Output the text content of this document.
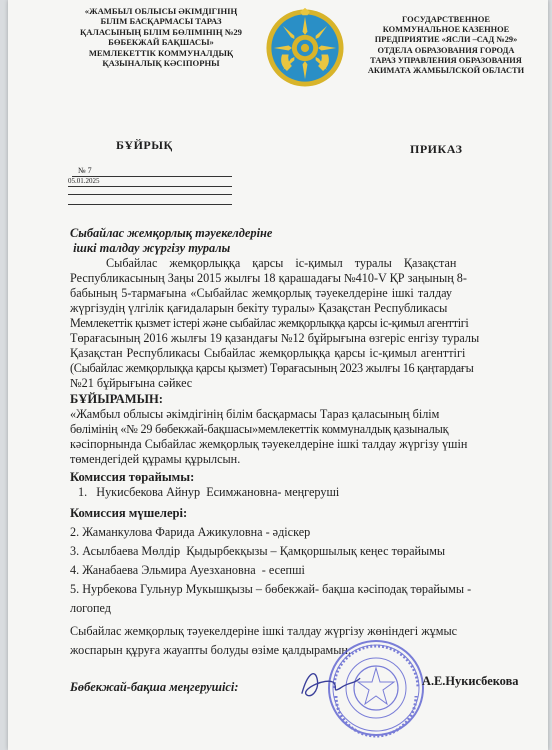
«ЖАМБЫЛ ОБЛЫСЫ ӘКІМДІГІНІҢ
БІЛІМ БАСҚАРМАСЫ ТАРАЗ
ҚАЛАСЫНЫҢ БІЛІМ БӨЛІМІНІҢ №29
БӨБЕКЖАЙ БАҚШАСЫ»
МЕМЛЕКЕТТІК КОММУНАЛДЫҚ
ҚАЗЫНАЛЫҚ КӘСІПОРНЫ
ГОСУДАРСТВЕННОЕ
КОММУНАЛЬНОЕ КАЗЕННОЕ
ПРЕДПРИЯТИЕ «ЯСЛИ –САД №29»
ОТДЕЛА ОБРАЗОВАНИЯ ГОРОДА
ТАРАЗ УПРАВЛЕНИЯ ОБРАЗОВАНИЯ
АКИМАТА ЖАМБЫЛСКОЙ ОБЛАСТИ
БҰЙРЫҚ	ПРИКАЗ
№ 7
05.01.2025
Сыбайлас жемқорлық тәуекелдеріне
ішкі талдау жүргізу туралы

Сыбайлас жемқорлыққа қарсы іс-қимыл туралы Қазақстан

Республикасының Заңы 2015 жылғы 18 қарашадағы №410-V ҚР заңының 8-

бабының 5-тармағына «Сыбайлас жемқорлық тәуекелдеріне ішкі талдау

жүргізудің үлгілік қағидаларын бекіту туралы» Қазақстан Республикасы

Мемлекеттік қызмет істері және сыбайлас жемқорлыққа қарсы іс-қимыл агенттігі

Төрағасының 2016 жылғы 19 қазандағы №12 бұйрығына өзгеріс енгізу туралы

Қазақстан Республикасы Сыбайлас жемқорлыққа қарсы іс-қимыл агенттігі

(Сыбайлас жемқорлыққа қарсы қызмет) Төрағасының 2023 жылғы 16 қаңтардағы

№21 бұйрығына сәйкес

БҰЙЫРАМЫН:

«Жамбыл облысы әкімдігінің білім басқармасы Тараз қаласының білім

бөлімінің «№ 29 бөбекжай-бақшасы»мемлекеттік коммуналдық қазыналық

кәсіпорнында Сыбайлас жемқорлық тәуекелдеріне ішкі талдау жүргізу үшін

төмендегідей құрамы құрылсын.

Комиссия төрайымы:

1.   Нукисбекова Айнур  Есимжановна- меңгеруші

Комиссия мүшелері:

2. Жаманкулова Фарида Ажикуловна - әдіскер

3. Асылбаева Мөлдір  Қыдырбекқызы – Қамқоршылық кеңес төрайымы

4. Жанабаева Эльмира Ауезхановна  - есепші

5. Нурбекова Гульнур Мукышқызы – бөбекжай- бақша кәсіподақ төрайымы -

логопед

Сыбайлас жемқорлық тәуекелдеріне ішкі талдау жүргізу жөніндегі жұмыс

жоспарын құруға жауапты болуды өзіме қалдырамын.

Бөбекжай-бақша меңгерушісі:	А.Е.Нукисбекова
